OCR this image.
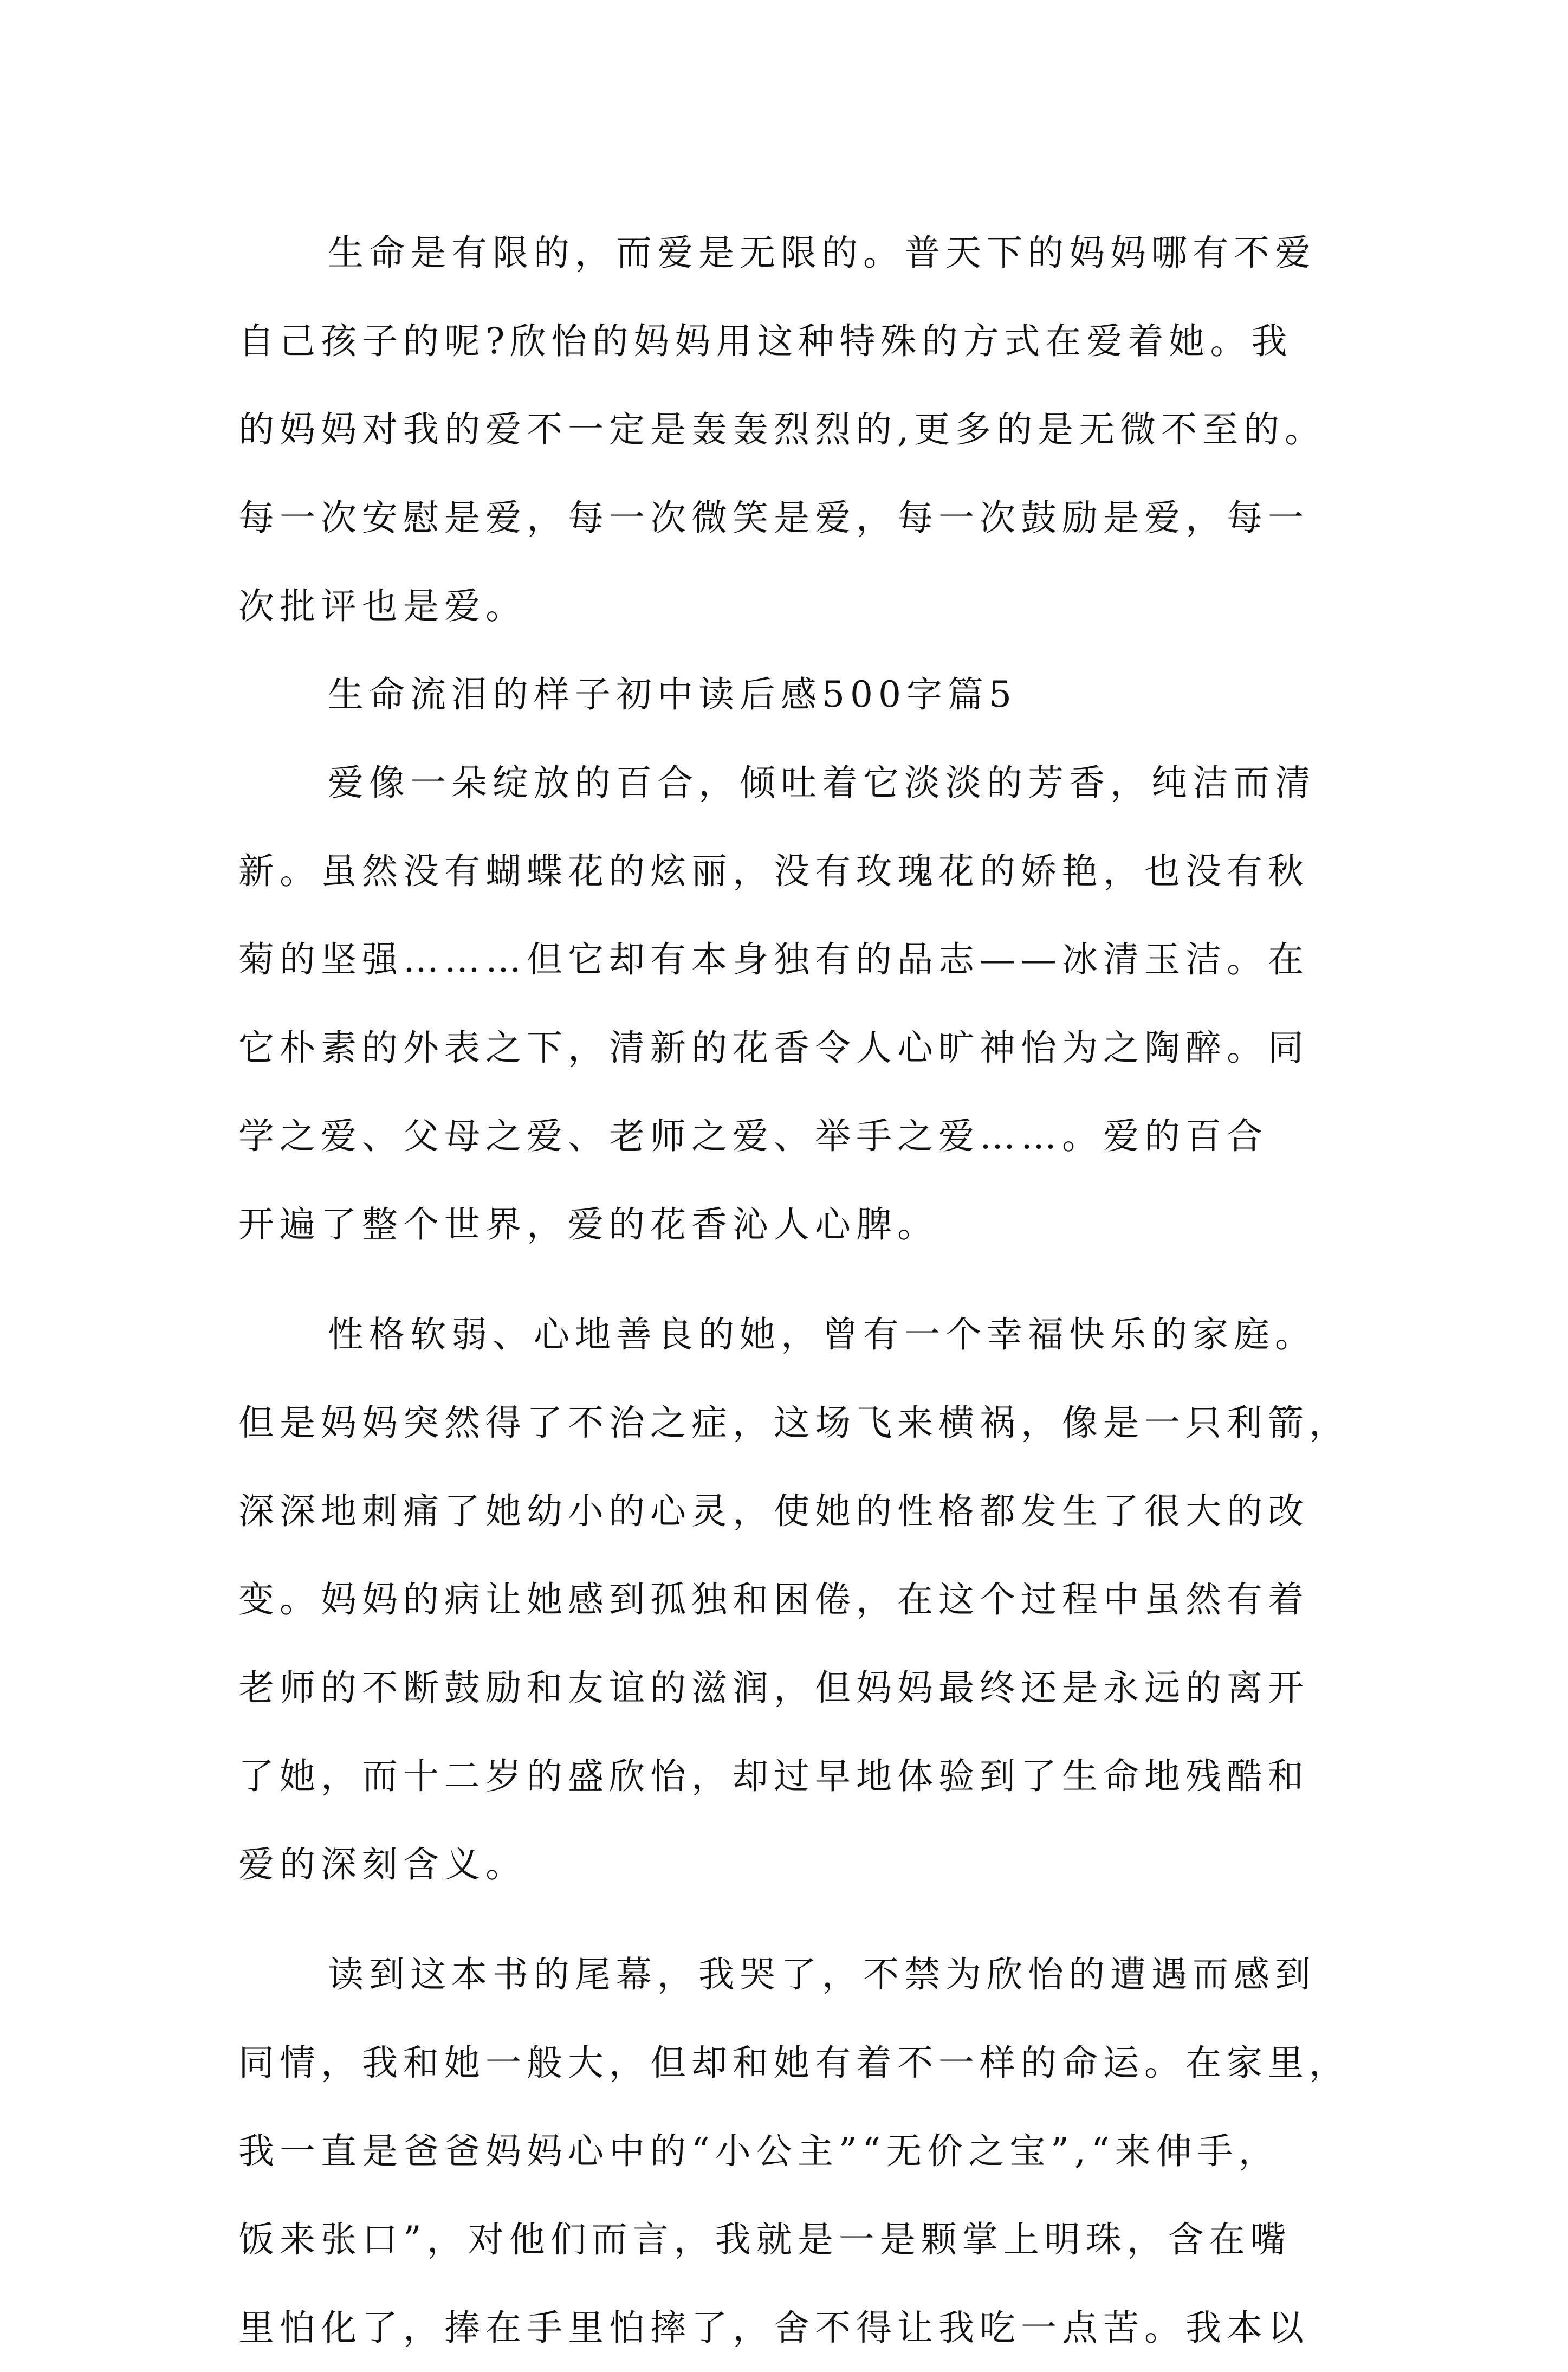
生命是有限的，而爱是无限的。普天下的妈妈哪有不爱
自己孩子的呢?欣怡的妈妈用这种特殊的方式在爱着她。我
的妈妈对我的爱不一定是轰轰烈烈的,更多的是无微不至的。
每一次安慰是爱，每一次微笑是爱，每一次鼓励是爱，每一
次批评也是爱。
生命流泪的样子初中读后感500字篇5
爱像一朵绽放的百合，倾吐着它淡淡的芳香，纯洁而清
新。虽然没有蝴蝶花的炫丽，没有玫瑰花的娇艳，也没有秋
菊的坚强………但它却有本身独有的品志——冰清玉洁。在
它朴素的外表之下，清新的花香令人心旷神怡为之陶醉。同
学之爱、父母之爱、老师之爱、举手之爱……。爱的百合
开遍了整个世界，爱的花香沁人心脾。
性格软弱、心地善良的她，曾有一个幸福快乐的家庭。
但是妈妈突然得了不治之症，这场飞来横祸，像是一只利箭，
深深地刺痛了她幼小的心灵，使她的性格都发生了很大的改
变。妈妈的病让她感到孤独和困倦，在这个过程中虽然有着
老师的不断鼓励和友谊的滋润，但妈妈最终还是永远的离开
了她，而十二岁的盛欣怡，却过早地体验到了生命地残酷和
爱的深刻含义。
读到这本书的尾幕，我哭了，不禁为欣怡的遭遇而感到
同情，我和她一般大，但却和她有着不一样的命运。在家里，
我一直是爸爸妈妈心中的“小公主”“无价之宝”,“来伸手，
饭来张口”，对他们而言，我就是一是颗掌上明珠，含在嘴
里怕化了，捧在手里怕摔了，舍不得让我吃一点苦。我本以
